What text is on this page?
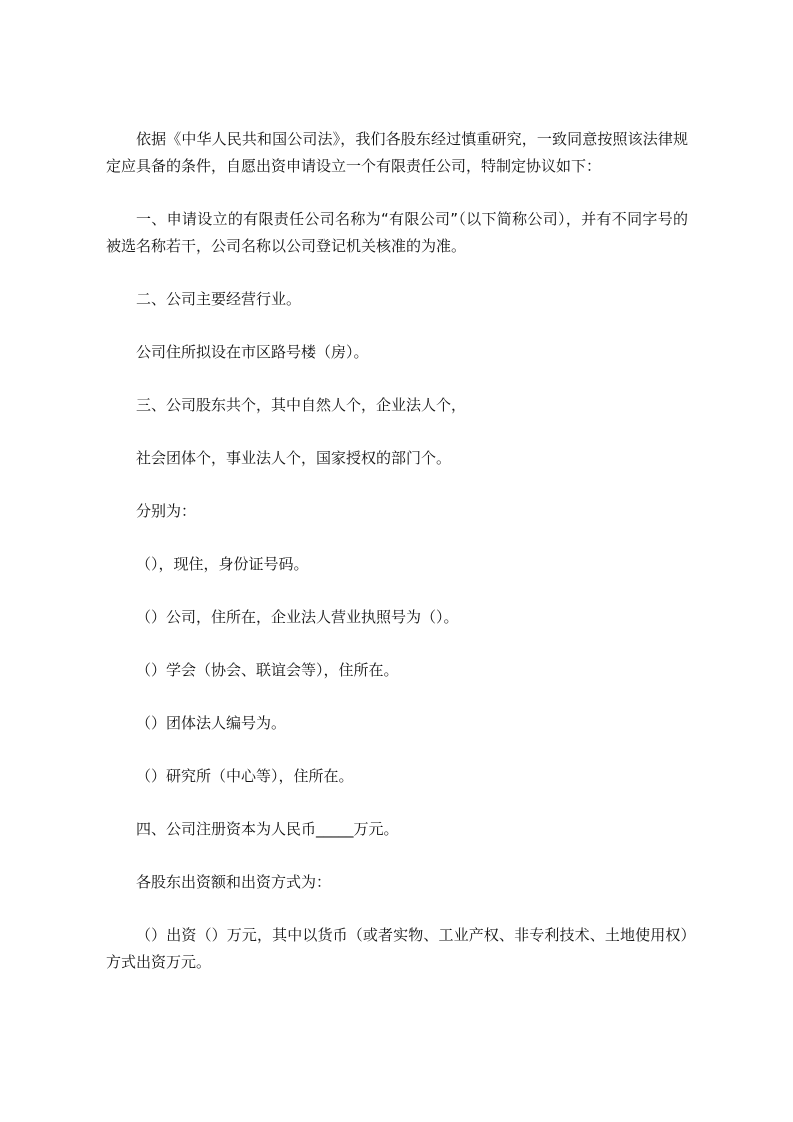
依据《中华人民共和国公司法》，我们各股东经过慎重研究，一致同意按照该法律规定应具备的条件，自愿出资申请设立一个有限责任公司，特制定协议如下：

一、申请设立的有限责任公司名称为“有限公司”（以下简称公司），并有不同字号的被选名称若干，公司名称以公司登记机关核准的为准。

二、公司主要经营行业。

公司住所拟设在市区路号楼（房）。

三、公司股东共个，其中自然人个，企业法人个，

社会团体个，事业法人个，国家授权的部门个。

分别为：

（），现住，身份证号码。

（）公司，住所在，企业法人营业执照号为（）。

（）学会（协会、联谊会等），住所在。

（）团体法人编号为。

（）研究所（中心等），住所在。

四、公司注册资本为人民币_____万元。

各股东出资额和出资方式为：

（）出资（）万元，其中以货币（或者实物、工业产权、非专利技术、土地使用权）方式出资万元。
